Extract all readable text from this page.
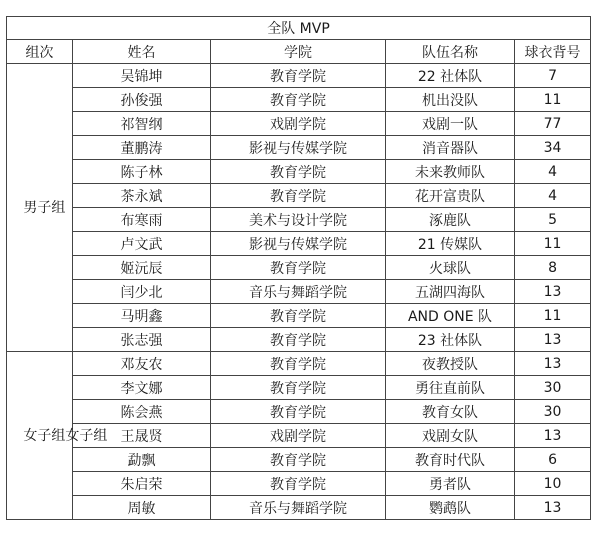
全队 MVP				
组次	姓名	学院	队伍名称	球衣背号
男子组	吴锦坤	教育学院	22 社体队	7
	孙俊强	教育学院	机出没队	11
	祁智纲	戏剧学院	戏剧一队	77
	董鹏涛	影视与传媒学院	消音器队	34
	陈子林	教育学院	未来教师队	4
	茶永斌	教育学院	花开富贵队	4
	布寒雨	美术与设计学院	涿鹿队	5
	卢文武	影视与传媒学院	21 传媒队	11
	姬沅辰	教育学院	火球队	8
	闫少北	音乐与舞蹈学院	五湖四海队	13
	马明鑫	教育学院	AND ONE 队	11
	张志强	教育学院	23 社体队	13
女子组女子组	邓友农	教育学院	夜教授队	13
	李文娜	教育学院	勇往直前队	30
	陈会燕	教育学院	教育女队	30
	王晟贤	戏剧学院	戏剧女队	13
	勐飘	教育学院	教育时代队	6
	朱启荣	教育学院	勇者队	10
	周敏	音乐与舞蹈学院	鹦鹉队	13
